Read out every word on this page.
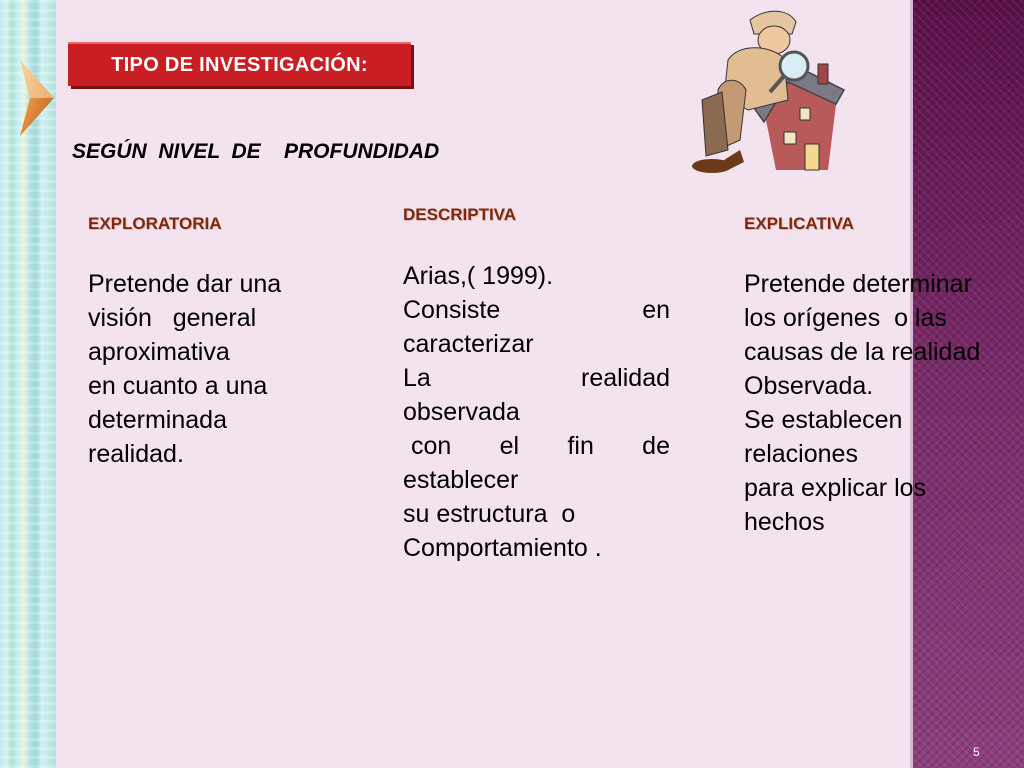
TIPO DE INVESTIGACIÓN:
SEGÚN  NIVEL  DE    PROFUNDIDAD
EXPLORATORIA
Pretende dar una
visión   general
aproximativa
en cuanto a una
determinada
realidad.
DESCRIPTIVA
Arias,( 1999).
Consiste	en
caracterizar
La	realidad
observada
con el fin de
establecer
su estructura  o
Comportamiento .
EXPLICATIVA
Pretende determinar
los orígenes  o las
causas de la realidad
Observada.
Se establecen
relaciones
para explicar los
hechos
5
